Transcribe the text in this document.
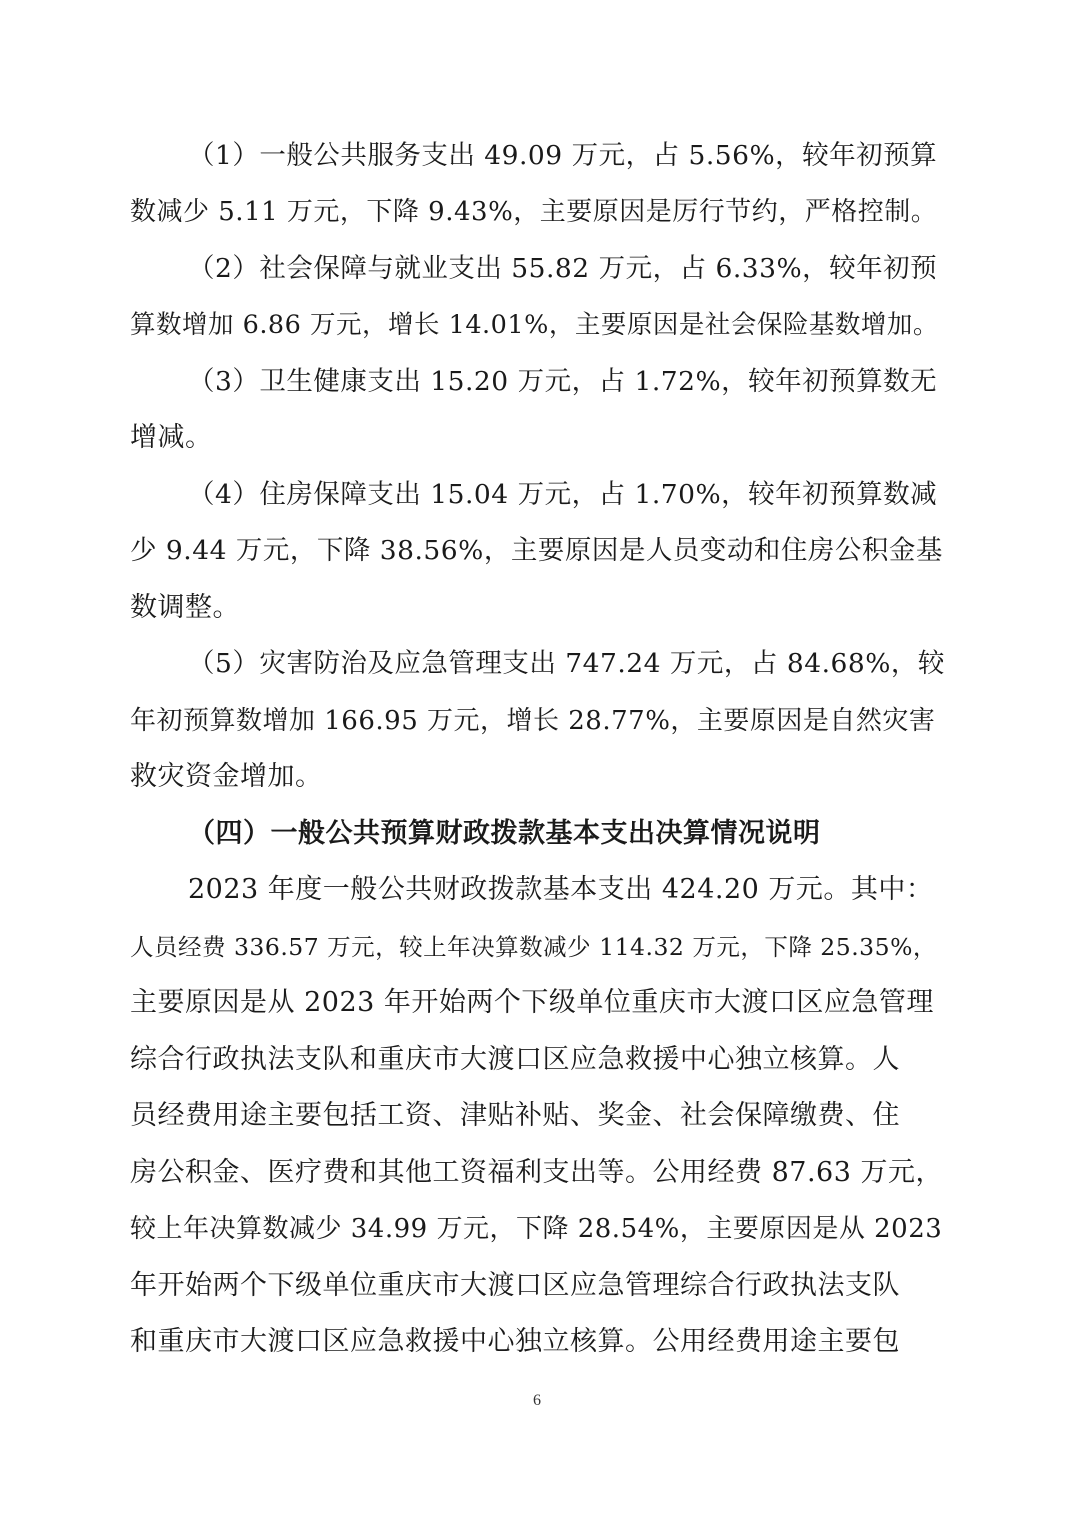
（1）一般公共服务支出 49.09 万元，占 5.56%，较年初预算
数减少 5.11 万元，下降 9.43%，主要原因是厉行节约，严格控制。
（2）社会保障与就业支出 55.82 万元，占 6.33%，较年初预
算数增加 6.86 万元，增长 14.01%，主要原因是社会保险基数增加。
（3）卫生健康支出 15.20 万元，占 1.72%，较年初预算数无
增减。
（4）住房保障支出 15.04 万元，占 1.70%，较年初预算数减
少 9.44 万元，下降 38.56%，主要原因是人员变动和住房公积金基
数调整。
（5）灾害防治及应急管理支出 747.24 万元，占 84.68%，较
年初预算数增加 166.95 万元，增长 28.77%，主要原因是自然灾害
救灾资金增加。
（四）一般公共预算财政拨款基本支出决算情况说明
2023 年度一般公共财政拨款基本支出 424.20 万元。其中：
人员经费 336.57 万元，较上年决算数减少 114.32 万元，下降 25.35%，
主要原因是从 2023 年开始两个下级单位重庆市大渡口区应急管理
综合行政执法支队和重庆市大渡口区应急救援中心独立核算。人
员经费用途主要包括工资、津贴补贴、奖金、社会保障缴费、住
房公积金、医疗费和其他工资福利支出等。公用经费 87.63 万元，
较上年决算数减少 34.99 万元，下降 28.54%，主要原因是从 2023
年开始两个下级单位重庆市大渡口区应急管理综合行政执法支队
和重庆市大渡口区应急救援中心独立核算。公用经费用途主要包
6
